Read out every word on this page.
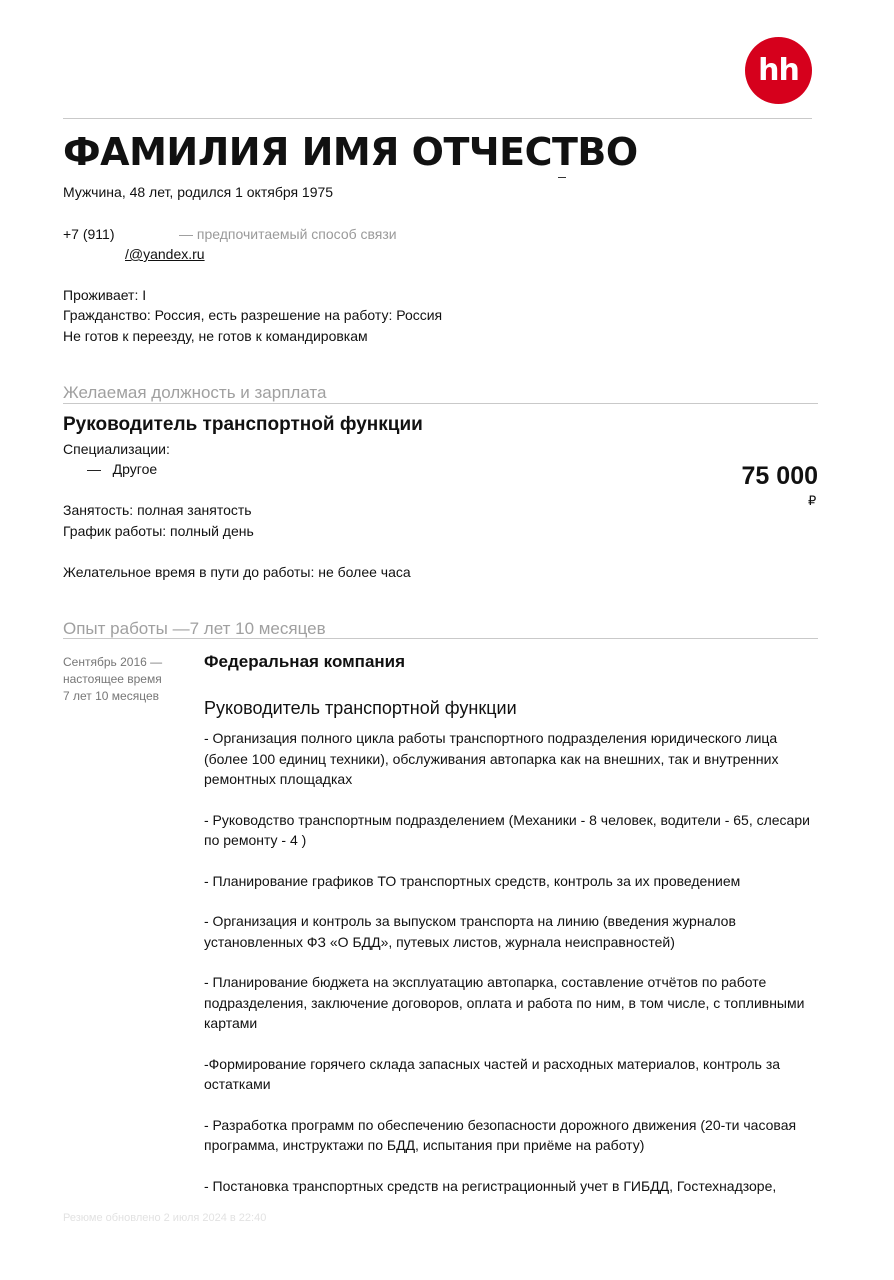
hh
ФАМИЛИЯ ИМЯ ОТЧЕСТВО
Мужчина, 48 лет, родился 1 октября 1975
+7 (911)	— предпочитаемый способ связи
/@yandex.ru
Проживает: I
Гражданство: Россия, есть разрешение на работу: Россия
Не готов к переезду, не готов к командировкам
Желаемая должность и зарплата
Руководитель транспортной функции
Специализации:
—   Другое	75 000
₽
Занятость: полная занятость
График работы: полный день
Желательное время в пути до работы: не более часа
Опыт работы —7 лет 10 месяцев
Сентябрь 2016 —
настоящее время
7 лет 10 месяцев
Федеральная компания
Руководитель транспортной функции

- Организация полного цикла работы транспортного подразделения юридического лица (более 100 единиц техники), обслуживания автопарка как на внешних, так и внутренних ремонтных площадках

- Руководство транспортным подразделением (Механики - 8 человек, водители - 65, слесари по ремонту - 4 )

- Планирование графиков ТО транспортных средств, контроль за их проведением

- Организация и контроль за выпуском транспорта на линию (введения журналов установленных ФЗ «О БДД», путевых листов, журнала неисправностей)

- Планирование бюджета на эксплуатацию автопарка, составление отчётов по работе подразделения, заключение договоров, оплата и работа по ним, в том числе, с топливными картами

-Формирование горячего склада запасных частей и расходных материалов, контроль за остатками

- Разработка программ по обеспечению безопасности дорожного движения (20-ти часовая программа, инструктажи по БДД, испытания при приёме на работу)

- Постановка транспортных средств на регистрационный учет в ГИБДД, Гостехнадзоре,

Резюме обновлено 2 июля 2024 в 22:40
